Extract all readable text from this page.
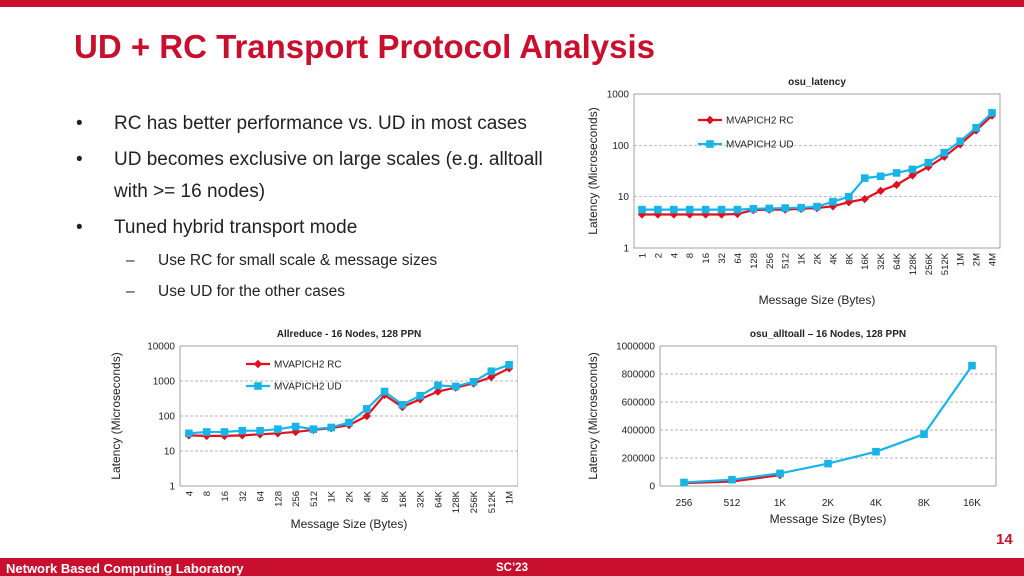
UD + RC Transport Protocol Analysis
• RC has better performance vs. UD in most cases
• UD becomes exclusive on large scales (e.g. alltoall with >= 16 nodes)
• Tuned hybrid transport mode
– Use RC for small scale & message sizes
– Use UD for the other cases
osu_latency
1
10
100
1000
1 2 4 8 16 32 64 128 256 512 1K 2K 4K 8K 16K 32K 64K 128K 256K 512K 1M 2M 4M
Message Size (Bytes)
Latency (Microseconds)	MVAPICH2 RC
MVAPICH2 UD
Allreduce - 16 Nodes, 128 PPN
1
10
100
1000
10000
4 8 16 32 64 128 256 512 1K 2K 4K 8K 16K 32K 64K 128K 256K 512K 1M
Message Size (Bytes)
Latency (Microseconds)	MVAPICH2 RC
MVAPICH2 UD
osu_alltoall – 16 Nodes, 128 PPN
0
200000
400000
600000
800000
1000000
256	512	1K	2K	4K	8K	16K
Message Size (Bytes)
Latency (Microseconds)
Network Based Computing Laboratory	SC’23
14
